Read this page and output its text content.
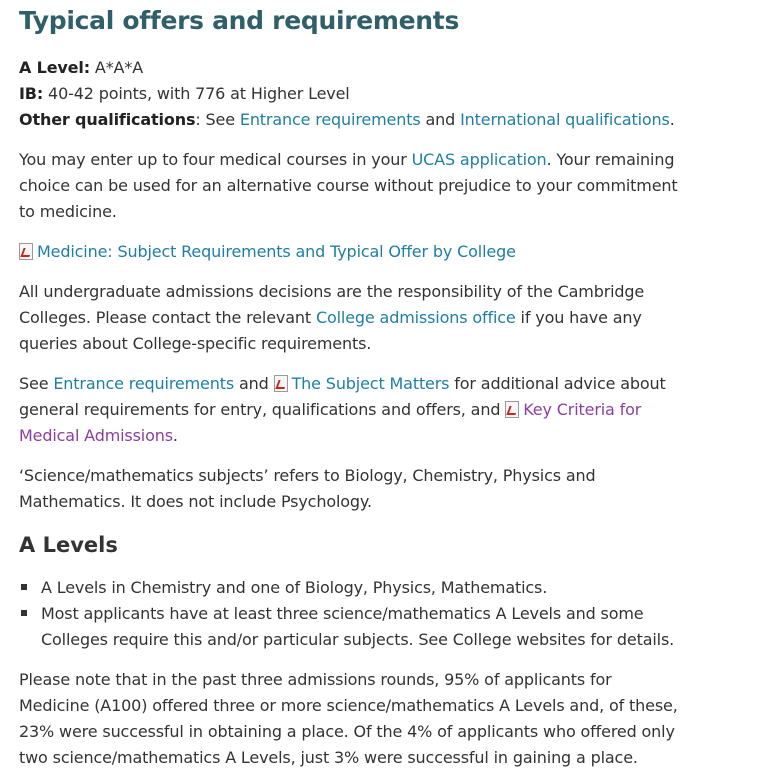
Typical offers and requirements
A Level: A*A*A
IB: 40-42 points, with 776 at Higher Level
Other qualifications: See Entrance requirements and International qualifications.
You may enter up to four medical courses in your UCAS application. Your remaining
choice can be used for an alternative course without prejudice to your commitment
to medicine.
Medicine: Subject Requirements and Typical Offer by College
All undergraduate admissions decisions are the responsibility of the Cambridge
Colleges. Please contact the relevant College admissions office if you have any
queries about College-specific requirements.
See Entrance requirements and The Subject Matters for additional advice about
general requirements for entry, qualifications and offers, and Key Criteria for
Medical Admissions.
‘Science/mathematics subjects’ refers to Biology, Chemistry, Physics and
Mathematics. It does not include Psychology.
A Levels
A Levels in Chemistry and one of Biology, Physics, Mathematics.
Most applicants have at least three science/mathematics A Levels and some
Colleges require this and/or particular subjects. See College websites for details.
Please note that in the past three admissions rounds, 95% of applicants for
Medicine (A100) offered three or more science/mathematics A Levels and, of these,
23% were successful in obtaining a place. Of the 4% of applicants who offered only
two science/mathematics A Levels, just 3% were successful in gaining a place.
